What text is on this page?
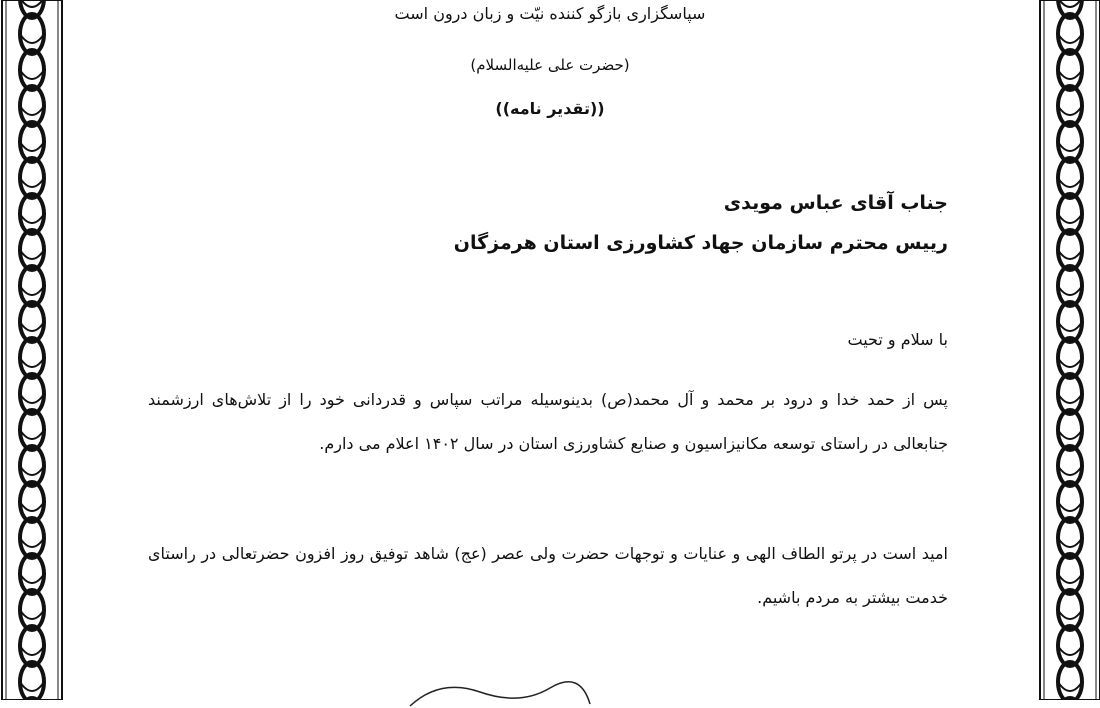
سپاسگزاری بازگو کننده نیّت و زبان درون است
(حضرت علی علیه‌السلام)
((تقدیر نامه))
جناب آقای عباس مویدی
رییس محترم سازمان جهاد کشاورزی استان هرمزگان
با سلام و تحیت
پس از حمد خدا و درود بر محمد و آل محمد(ص) بدینوسیله مراتب سپاس و قدردانی خود را از تلاش‌های ارزشمند جنابعالی در راستای توسعه مکانیزاسیون و صنایع کشاورزی استان در سال ۱۴۰۲ اعلام می دارم.
امید است در پرتو الطاف الهی و عنایات و توجهات حضرت ولی عصر (عج) شاهد توفیق روز افزون حضرتعالی در راستای خدمت بیشتر به مردم باشیم.
